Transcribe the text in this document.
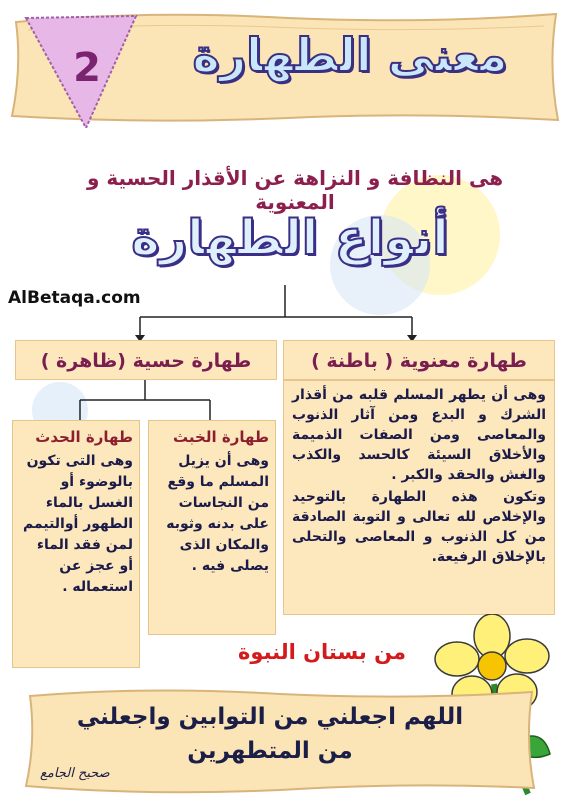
2 معنى الطهارة
هى النظافة و النزاهة عن الأقذار الحسية و المعنوية
أنواع الطهارة
AlBetaqa.com
طهارة معنوية ( باطنة )
وهى أن يطهر المسلم قلبه من أقذار الشرك و البدع ومن آثار الذنوب والمعاصى ومن الصفات الذميمة والأخلاق السيئة كالحسد والكذب والغش والحقد والكبر .
وتكون هذه الطهارة بالتوحيد والإخلاص لله تعالى و التوبة الصادقة من كل الذنوب و المعاصى والتحلى بالإخلاق الرفيعة.
طهارة حسية (ظاهرة )
طهارة الخبث
وهى أن يزيل المسلم ما وقع من النجاسات على بدنه وثوبه والمكان الذى يصلى فيه .
طهارة الحدث
وهى التى تكون بالوضوء أو الغسل بالماء الطهور أوالتيمم لمن فقد الماء أو عجز عن استعماله .
من بستان النبوة
اللهم اجعلني من التوابين واجعلني
من المتطهرين
صحيح الجامع
